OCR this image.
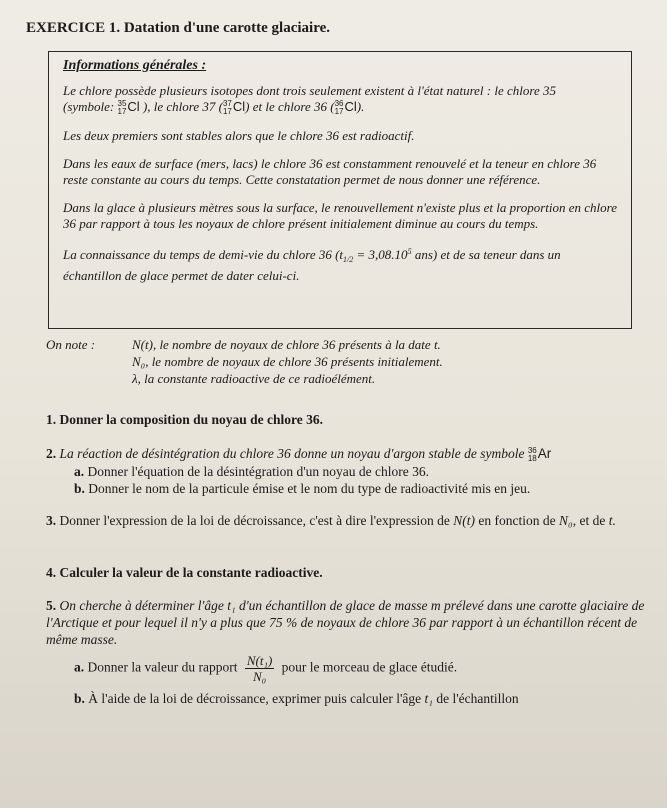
EXERCICE 1. Datation d'une carotte glaciaire.
Informations générales :

Le chlore possède plusieurs isotopes dont trois seulement existent à l'état naturel : le chlore 35
(symbole: 35
17 Cl ), le chlore 37 ( 37
17 Cl) et le chlore 36 ( 36
17 Cl).

Les deux premiers sont stables alors que le chlore 36 est radioactif.

Dans les eaux de surface (mers, lacs) le chlore 36 est constamment renouvelé et la teneur en chlore 36 reste constante au cours du temps. Cette constatation permet de nous donner une référence.

Dans la glace à plusieurs mètres sous la surface, le renouvellement n'existe plus et la proportion en chlore 36 par rapport à tous les noyaux de chlore présent initialement diminue au cours du temps.

La connaissance du temps de demi-vie du chlore 36 ($t_{1/2} = 3,08.10^5$ ans) et de sa teneur dans un échantillon de glace permet de dater celui-ci.

On note :	N(t), le nombre de noyaux de chlore 36 présents à la date t.
N₀, le nombre de noyaux de chlore 36 présents initialement.
λ, la constante radioactive de ce radioélément.
1. Donner la composition du noyau de chlore 36.
2. La réaction de désintégration du chlore 36 donne un noyau d'argon stable de symbole 36
18 Ar
a. Donner l'équation de la désintégration d'un noyau de chlore 36.
b. Donner le nom de la particule émise et le nom du type de radioactivité mis en jeu.
3. Donner l'expression de la loi de décroissance, c'est à dire l'expression de N(t) en fonction de N₀, et de t.
4. Calculer la valeur de la constante radioactive.
5. On cherche à déterminer l'âge t₁ d'un échantillon de glace de masse m prélevé dans une carotte glaciaire de l'Arctique et pour lequel il n'y a plus que 75 % de noyaux de chlore 36 par rapport à un échantillon récent de même masse.
a. Donner la valeur du rapport $\frac{\text{N(t₁)}}{\text{N₀}}$ pour le morceau de glace étudié.
b. À l'aide de la loi de décroissance, exprimer puis calculer l'âge t₁ de l'échantillon
